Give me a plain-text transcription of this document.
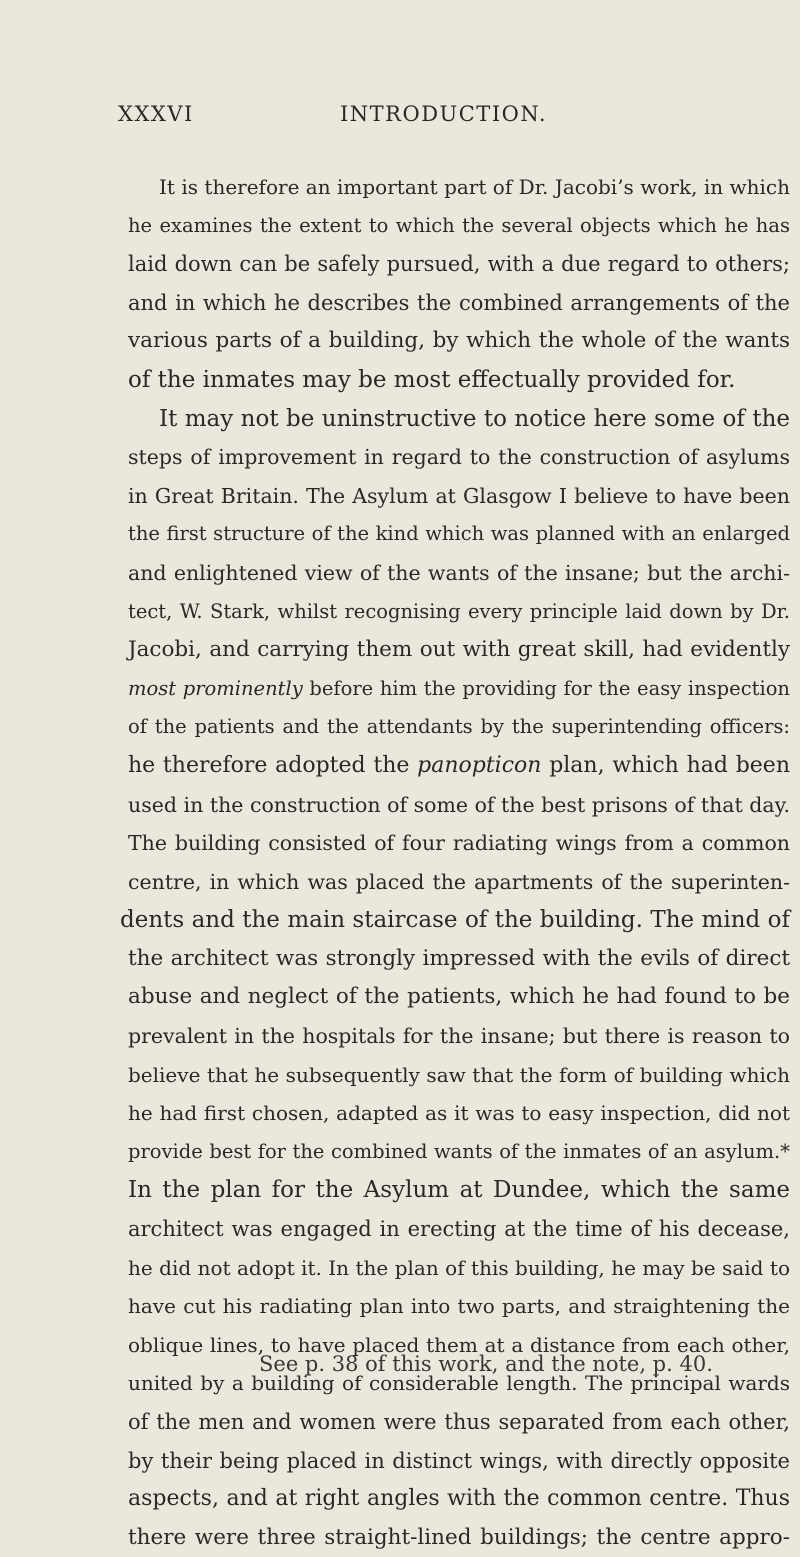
XXXVI	INTRODUCTION.
It is therefore an important part of Dr. Jacobi’s work, in which
he examines the extent to which the several objects which he has
laid down can be safely pursued, with a due regard to others;
and in which he describes the combined arrangements of the
various parts of a building, by which the whole of the wants
of the inmates may be most effectually provided for.
It may not be uninstructive to notice here some of the
steps of improvement in regard to the construction of asylums
in Great Britain. The Asylum at Glasgow I believe to have been
the first structure of the kind which was planned with an enlarged
and enlightened view of the wants of the insane; but the archi-
tect, W. Stark, whilst recognising every principle laid down by Dr.
Jacobi, and carrying them out with great skill, had evidently
most prominently before him the providing for the easy inspection
of the patients and the attendants by the superintending officers:
he therefore adopted the panopticon plan, which had been
used in the construction of some of the best prisons of that day.
The building consisted of four radiating wings from a common
centre, in which was placed the apartments of the superinten-
dents and the main staircase of the building. The mind of
the architect was strongly impressed with the evils of direct
abuse and neglect of the patients, which he had found to be
prevalent in the hospitals for the insane; but there is reason to
believe that he subsequently saw that the form of building which
he had first chosen, adapted as it was to easy inspection, did not
provide best for the combined wants of the inmates of an asylum.*
In the plan for the Asylum at Dundee, which the same
architect was engaged in erecting at the time of his decease,
he did not adopt it. In the plan of this building, he may be said to
have cut his radiating plan into two parts, and straightening the
oblique lines, to have placed them at a distance from each other,
united by a building of considerable length. The principal wards
of the men and women were thus separated from each other,
by their being placed in distinct wings, with directly opposite
aspects, and at right angles with the common centre. Thus
there were three straight-lined buildings; the centre appro-
See p. 38 of this work, and the note, p. 40.
